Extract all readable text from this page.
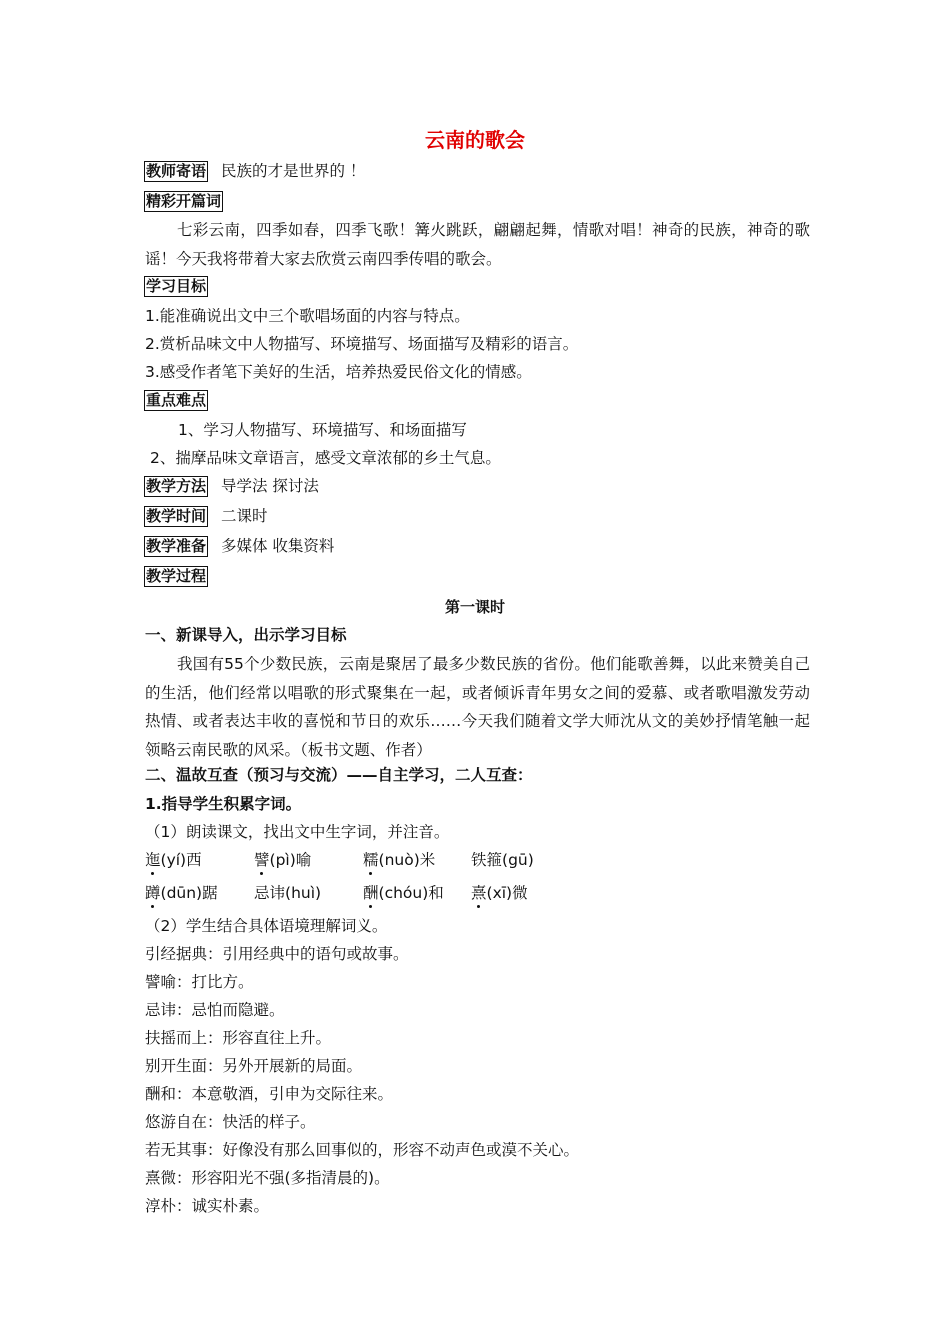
云南的歌会
教师寄语 民族的才是世界的 ！
精彩开篇词
七彩云南，四季如春，四季飞歌！篝火跳跃，翩翩起舞，情歌对唱！神奇的民族，神奇的歌谣！今天我将带着大家去欣赏云南四季传唱的歌会。
学习目标
1.能准确说出文中三个歌唱场面的内容与特点。
2.赏析品味文中人物描写、环境描写、场面描写及精彩的语言。
3.感受作者笔下美好的生活，培养热爱民俗文化的情感。
重点难点
1、学习人物描写、环境描写、和场面描写
2、揣摩品味文章语言，感受文章浓郁的乡土气息。
教学方法 导学法 探讨法
教学时间 二课时
教学准备 多媒体 收集资料
教学过程
第一课时
一、新课导入，出示学习目标
我国有55个少数民族，云南是聚居了最多少数民族的省份。他们能歌善舞，以此来赞美自己的生活，他们经常以唱歌的形式聚集在一起，或者倾诉青年男女之间的爱慕、或者歌唱激发劳动热情、或者表达丰收的喜悦和节日的欢乐……今天我们随着文学大师沈从文的美妙抒情笔触一起领略云南民歌的风采。（板书文题、作者）
二、温故互查（预习与交流）——自主学习，二人互查：
1.指导学生积累字词。
（1）朗读课文，找出文中生字词，并注音。
迤(yí)西	譬(pì)喻	糯(nuò)米 铁箍(gū)
蹲(dūn)踞 忌讳(huì)	酬(chóu)和 熹(xī)微
（2）学生结合具体语境理解词义。
引经据典：引用经典中的语句或故事。
譬喻：打比方。
忌讳：忌怕而隐避。
扶摇而上：形容直往上升。
别开生面：另外开展新的局面。
酬和：本意敬酒，引申为交际往来。
悠游自在：快活的样子。
若无其事：好像没有那么回事似的，形容不动声色或漠不关心。
熹微：形容阳光不强(多指清晨的)。
淳朴：诚实朴素。
